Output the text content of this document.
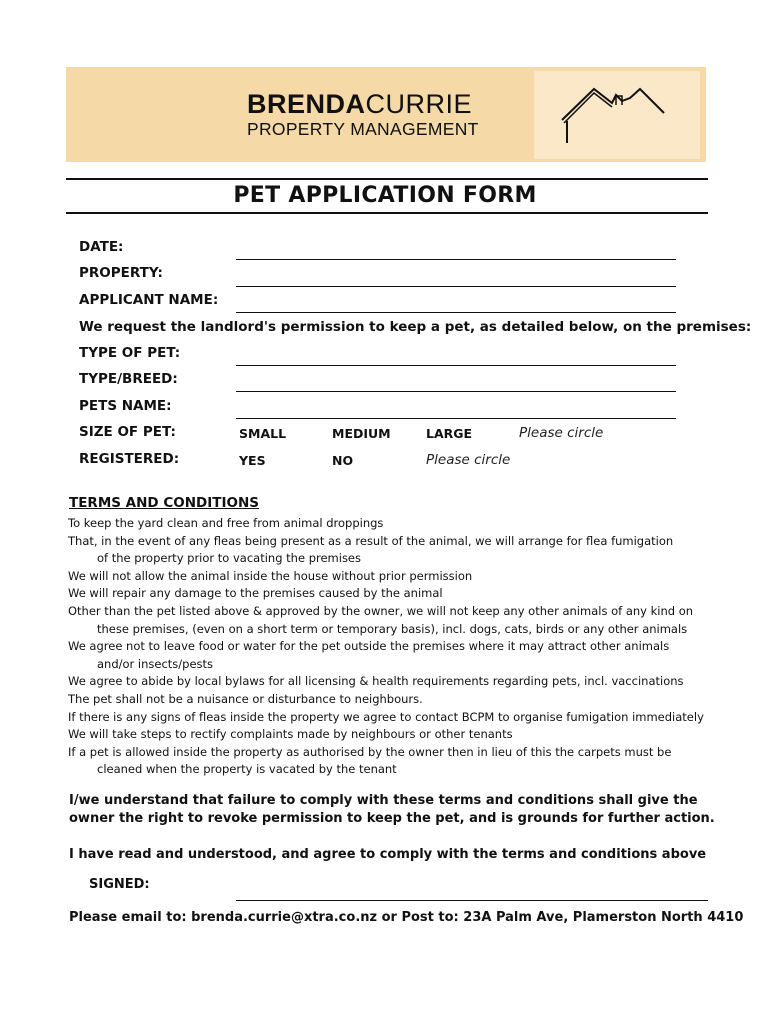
BRENDACURRIE
PROPERTY MANAGEMENT
PET APPLICATION FORM
DATE:
PROPERTY:
APPLICANT NAME:
We request the landlord's permission to keep a pet, as detailed below, on the premises:
TYPE OF PET:
TYPE/BREED:
PETS NAME:
SIZE OF PET:	SMALL	MEDIUM	LARGE	Please circle
REGISTERED:	YES	NO	Please circle
TERMS AND CONDITIONS
To keep the yard clean and free from animal droppings
That, in the event of any fleas being present as a result of the animal, we will arrange for flea fumigation
of the property prior to vacating the premises
We will not allow the animal inside the house without prior permission
We will repair any damage to the premises caused by the animal
Other than the pet listed above & approved by the owner, we will not keep any other animals of any kind on
these premises, (even on a short term or temporary basis), incl. dogs, cats, birds or any other animals
We agree not to leave food or water for the pet outside the premises where it may attract other animals
and/or insects/pests
We agree to abide by local bylaws for all licensing & health requirements regarding pets, incl. vaccinations
The pet shall not be a nuisance or disturbance to neighbours.
If there is any signs of fleas inside the property we agree to contact BCPM to organise fumigation immediately
We will take steps to rectify complaints made by neighbours or other tenants
If a pet is allowed inside the property as authorised by the owner then in lieu of this the carpets must be
cleaned when the property is vacated by the tenant
I/we understand that failure to comply with these terms and conditions shall give the owner the right to revoke permission to keep the pet, and is grounds for further action.
I have read and understood, and agree to comply with the terms and conditions above
SIGNED:
Please email to: brenda.currie@xtra.co.nz or Post to: 23A Palm Ave, Plamerston North 4410
